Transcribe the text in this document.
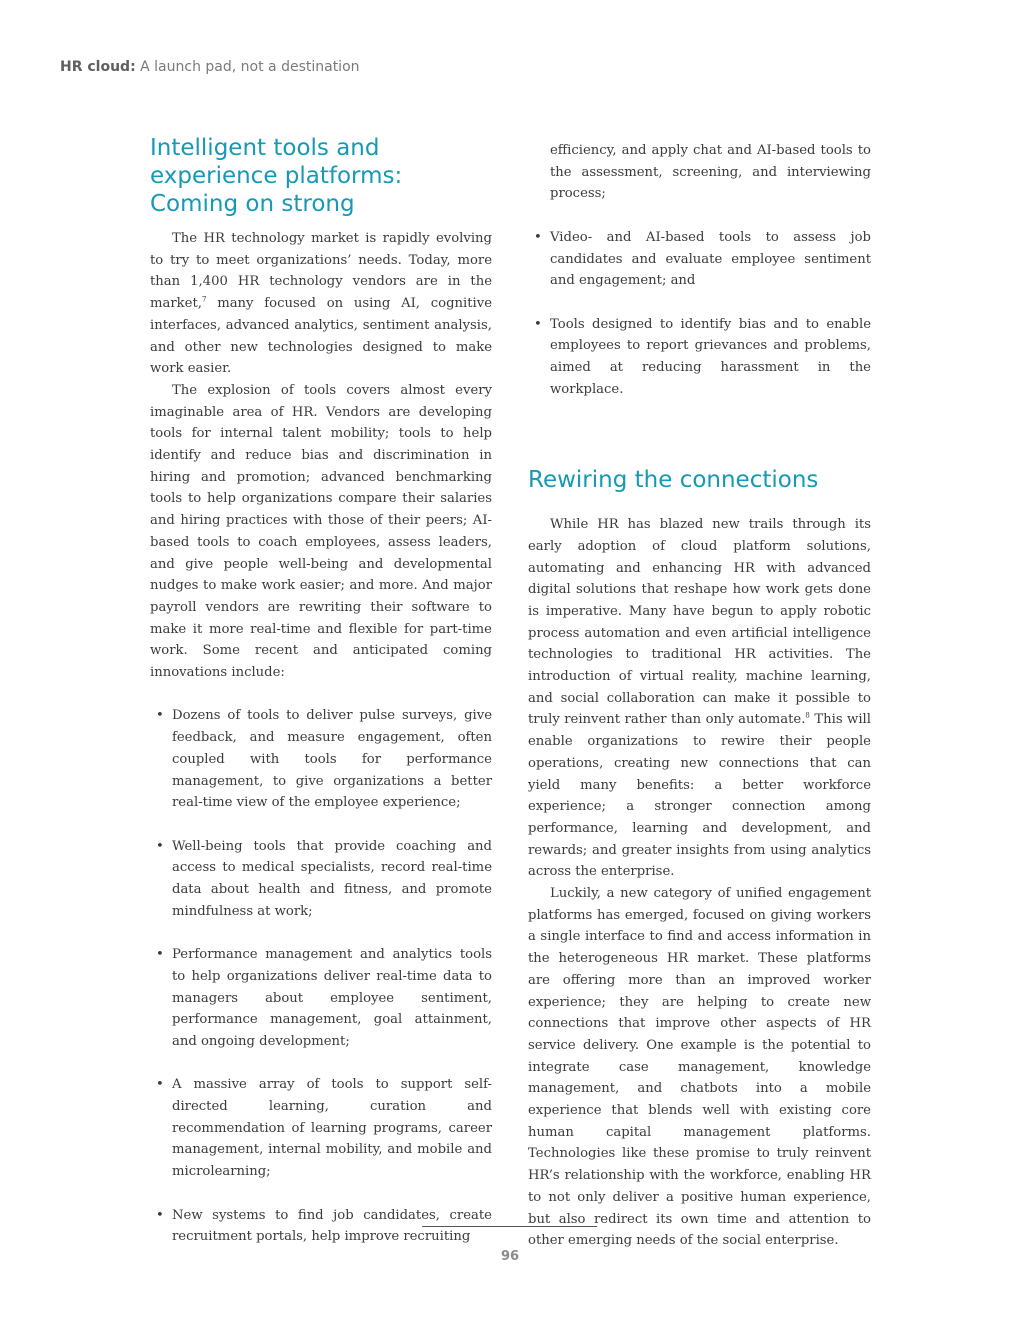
HR cloud: A launch pad, not a destination
Intelligent tools and experience platforms: Coming on strong

The HR technology market is rapidly evolving to try to meet organizations’ needs. Today, more than 1,400 HR technology vendors are in the market,$^7$ many focused on using AI, cognitive interfaces, advanced analytics, sentiment analysis, and other new technologies designed to make work easier.

The explosion of tools covers almost every imaginable area of HR. Vendors are developing tools for internal talent mobility; tools to help identify and reduce bias and discrimination in hiring and promotion; advanced benchmarking tools to help organizations compare their salaries and hiring practices with those of their peers; AI-based tools to coach employees, assess leaders, and give people well-being and developmental nudges to make work easier; and more. And major payroll vendors are rewriting their software to make it more real-time and flexible for part-time work. Some recent and anticipated coming innovations include:

• Dozens of tools to deliver pulse surveys, give feedback, and measure engagement, often coupled with tools for performance management, to give organizations a better real-time view of the employee experience;
• Well-being tools that provide coaching and access to medical specialists, record real-time data about health and fitness, and promote mindfulness at work;
• Performance management and analytics tools to help organizations deliver real-time data to managers about employee sentiment, performance management, goal attainment, and ongoing development;
• A massive array of tools to support self-directed learning, curation and recommendation of learning programs, career management, internal mobility, and mobile and microlearning;
• New systems to find job candidates, create recruitment portals, help improve recruiting
efficiency, and apply chat and AI-based tools to the assessment, screening, and interviewing process;
• Video- and AI-based tools to assess job candidates and evaluate employee sentiment and engagement; and
• Tools designed to identify bias and to enable employees to report grievances and problems, aimed at reducing harassment in the workplace.
Rewiring the connections

While HR has blazed new trails through its early adoption of cloud platform solutions, automating and enhancing HR with advanced digital solutions that reshape how work gets done is imperative. Many have begun to apply robotic process automation and even artificial intelligence technologies to traditional HR activities. The introduction of virtual reality, machine learning, and social collaboration can make it possible to truly reinvent rather than only automate.$^8$ This will enable organizations to rewire their people operations, creating new connections that can yield many benefits: a better workforce experience; a stronger connection among performance, learning and development, and rewards; and greater insights from using analytics across the enterprise.

Luckily, a new category of unified engagement platforms has emerged, focused on giving workers a single interface to find and access information in the heterogeneous HR market. These platforms are offering more than an improved worker experience; they are helping to create new connections that improve other aspects of HR service delivery. One example is the potential to integrate case management, knowledge management, and chatbots into a mobile experience that blends well with existing core human capital management platforms. Technologies like these promise to truly reinvent HR’s relationship with the workforce, enabling HR to not only deliver a positive human experience, but also redirect its own time and attention to other emerging needs of the social enterprise.

96
